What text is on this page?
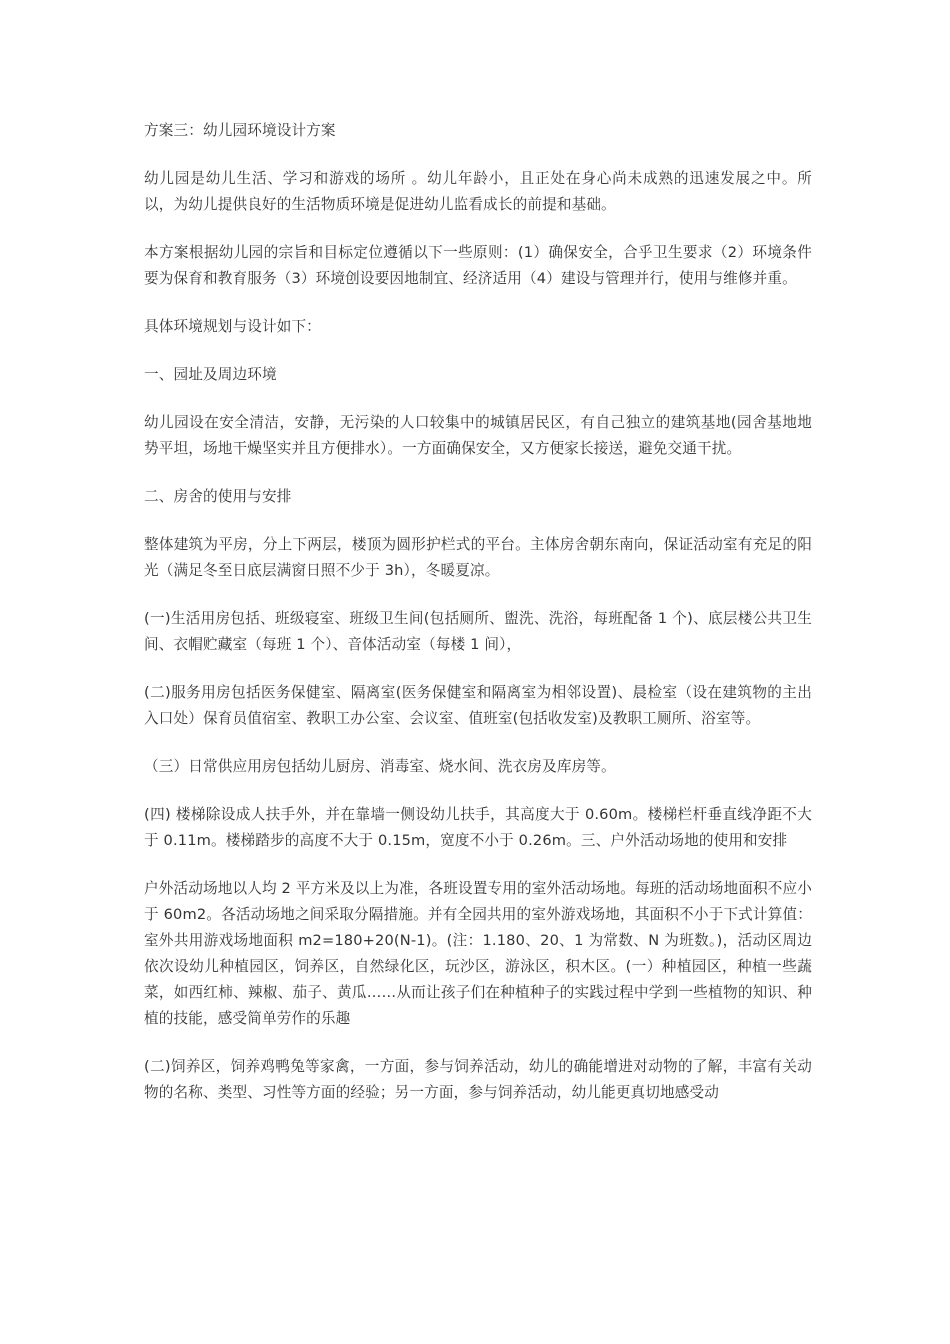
方案三：幼儿园环境设计方案

幼儿园是幼儿生活、学习和游戏的场所 。幼儿年龄小，且正处在身心尚未成熟的迅速发展之中。所以，为幼儿提供良好的生活物质环境是促进幼儿监看成长的前提和基础。

本方案根据幼儿园的宗旨和目标定位遵循以下一些原则：(1）确保安全，合乎卫生要求（2）环境条件要为保育和教育服务（3）环境创设要因地制宜、经济适用（4）建设与管理并行，使用与维修并重。

具体环境规划与设计如下：

一、园址及周边环境

幼儿园设在安全清洁，安静，无污染的人口较集中的城镇居民区，有自己独立的建筑基地(园舍基地地势平坦，场地干燥坚实并且方便排水）。一方面确保安全，又方便家长接送，避免交通干扰。

二、房舍的使用与安排

整体建筑为平房，分上下两层，楼顶为圆形护栏式的平台。主体房舍朝东南向，保证活动室有充足的阳光（满足冬至日底层满窗日照不少于 3h），冬暖夏凉。

(一)生活用房包括、班级寝室、班级卫生间(包括厕所、盥洗、洗浴，每班配备 1 个)、底层楼公共卫生间、衣帽贮藏室（每班 1 个）、音体活动室（每楼 1 间），

(二)服务用房包括医务保健室、隔离室(医务保健室和隔离室为相邻设置)、晨检室（设在建筑物的主出入口处）保育员值宿室、教职工办公室、会议室、值班室(包括收发室)及教职工厕所、浴室等。

（三）日常供应用房包括幼儿厨房、消毒室、烧水间、洗衣房及库房等。

(四) 楼梯除设成人扶手外，并在靠墙一侧设幼儿扶手，其高度大于 0.60m。楼梯栏杆垂直线净距不大于 0.11m。楼梯踏步的高度不大于 0.15m，宽度不小于 0.26m。三、户外活动场地的使用和安排

户外活动场地以人均 2 平方米及以上为准，各班设置专用的室外活动场地。每班的活动场地面积不应小于 60m2。各活动场地之间采取分隔措施。并有全园共用的室外游戏场地，其面积不小于下式计算值：室外共用游戏场地面积 m2=180+20(N-1)。(注：1.180、20、1 为常数、N 为班数。)，活动区周边依次设幼儿种植园区，饲养区，自然绿化区，玩沙区，游泳区，积木区。(一）种植园区，种植一些蔬菜，如西红柿、辣椒、茄子、黄瓜……从而让孩子们在种植种子的实践过程中学到一些植物的知识、种植的技能，感受简单劳作的乐趣

(二)饲养区，饲养鸡鸭兔等家禽，一方面，参与饲养活动，幼儿的确能增进对动物的了解，丰富有关动物的名称、类型、习性等方面的经验；另一方面，参与饲养活动，幼儿能更真切地感受动
